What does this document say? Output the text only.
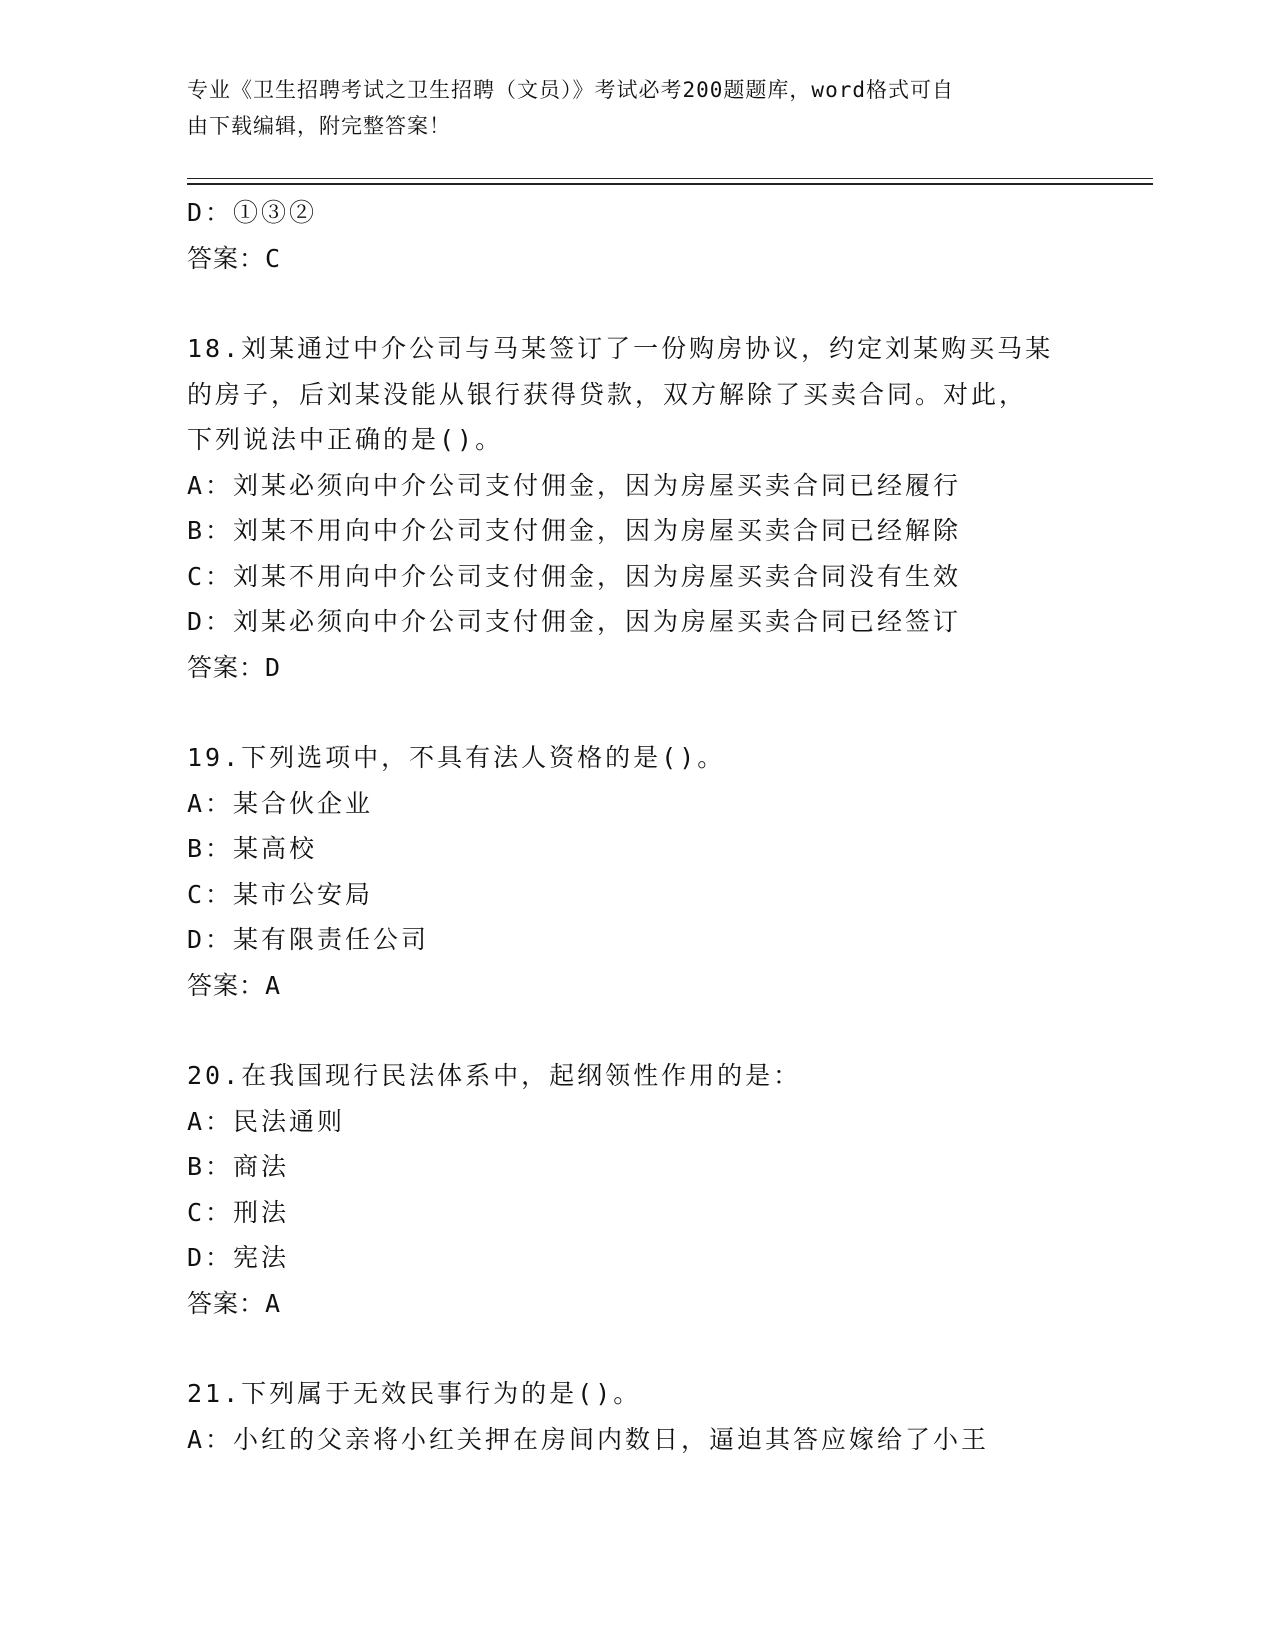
专业《卫生招聘考试之卫生招聘（文员）》考试必考200题题库，word格式可自
由下载编辑，附完整答案！
D：①③②
答案：C
18.刘某通过中介公司与马某签订了一份购房协议，约定刘某购买马某
的房子，后刘某没能从银行获得贷款，双方解除了买卖合同。对此，
下列说法中正确的是()。
A：刘某必须向中介公司支付佣金，因为房屋买卖合同已经履行
B：刘某不用向中介公司支付佣金，因为房屋买卖合同已经解除
C：刘某不用向中介公司支付佣金，因为房屋买卖合同没有生效
D：刘某必须向中介公司支付佣金，因为房屋买卖合同已经签订
答案：D
19.下列选项中，不具有法人资格的是()。
A：某合伙企业
B：某高校
C：某市公安局
D：某有限责任公司
答案：A
20.在我国现行民法体系中，起纲领性作用的是：
A：民法通则
B：商法
C：刑法
D：宪法
答案：A
21.下列属于无效民事行为的是()。
A：小红的父亲将小红关押在房间内数日，逼迫其答应嫁给了小王
